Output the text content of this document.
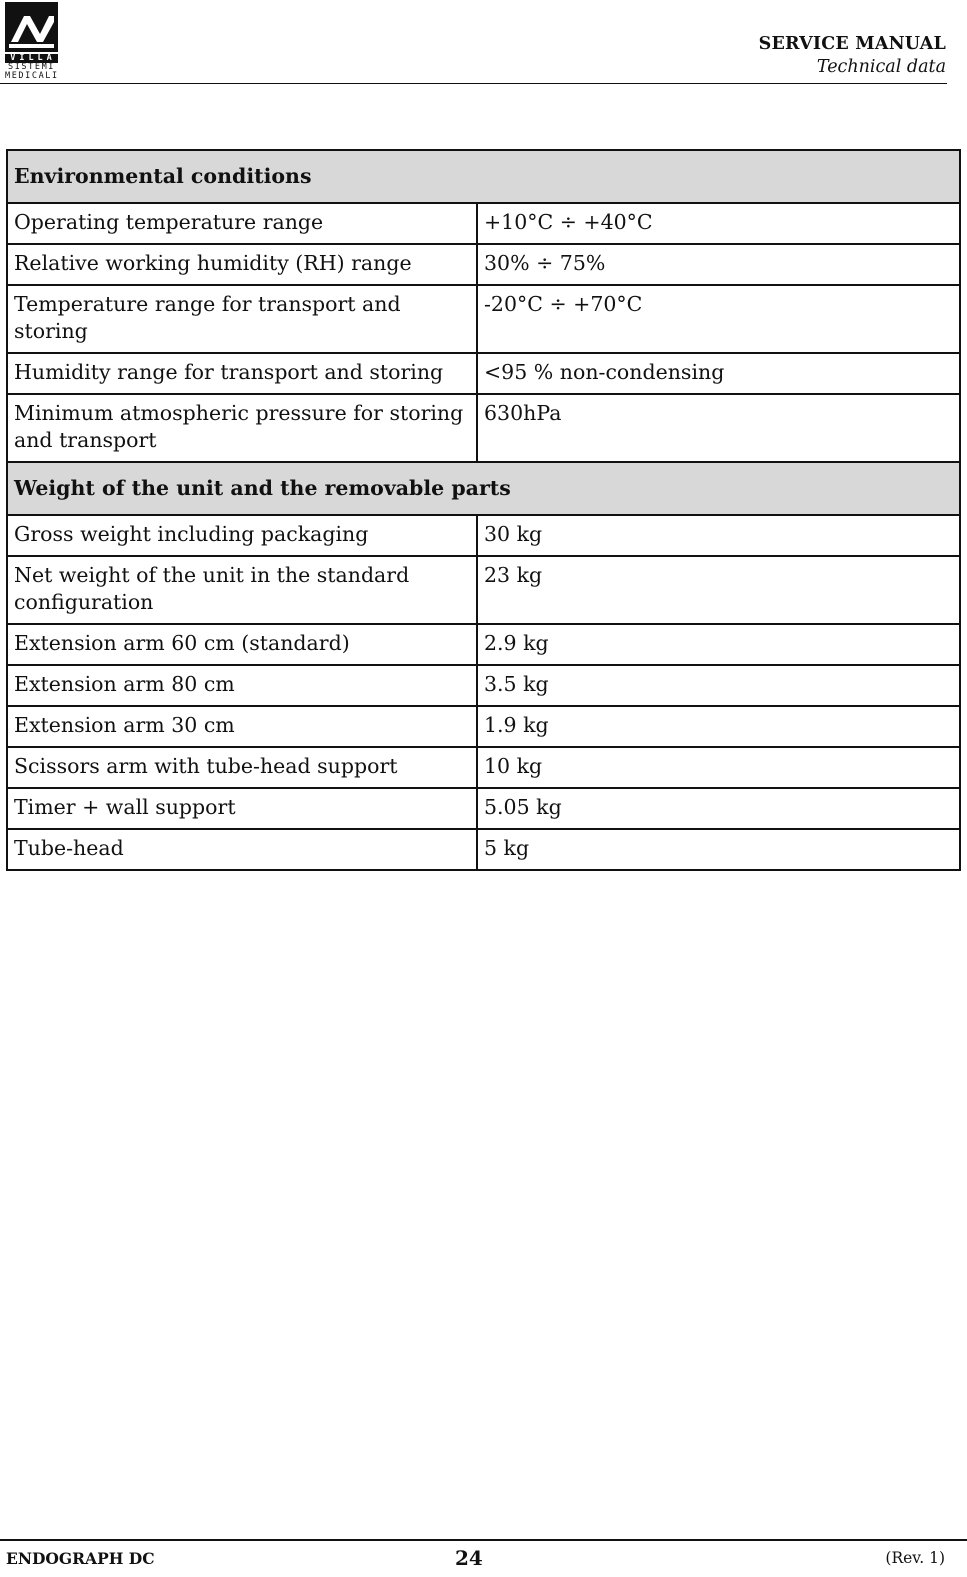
VILLA
SISTEMI
MEDICALI
SERVICE MANUAL
Technical data
Environmental conditions	
Operating temperature range	+10°C ÷ +40°C
Relative working humidity (RH) range	30% ÷ 75%
Temperature range for transport and storing	-20°C ÷ +70°C
Humidity range for transport and storing	<95 % non-condensing
Minimum atmospheric pressure for storing and transport	630hPa
Weight of the unit and the removable parts	
Gross weight including packaging	30 kg
Net weight of the unit in the standard configuration	23 kg
Extension arm 60 cm (standard)	2.9 kg
Extension arm 80 cm	3.5 kg
Extension arm 30 cm	1.9 kg
Scissors arm with tube-head support	10 kg
Timer + wall support	5.05 kg
Tube-head	5 kg
ENDOGRAPH DC	24	(Rev. 1)
